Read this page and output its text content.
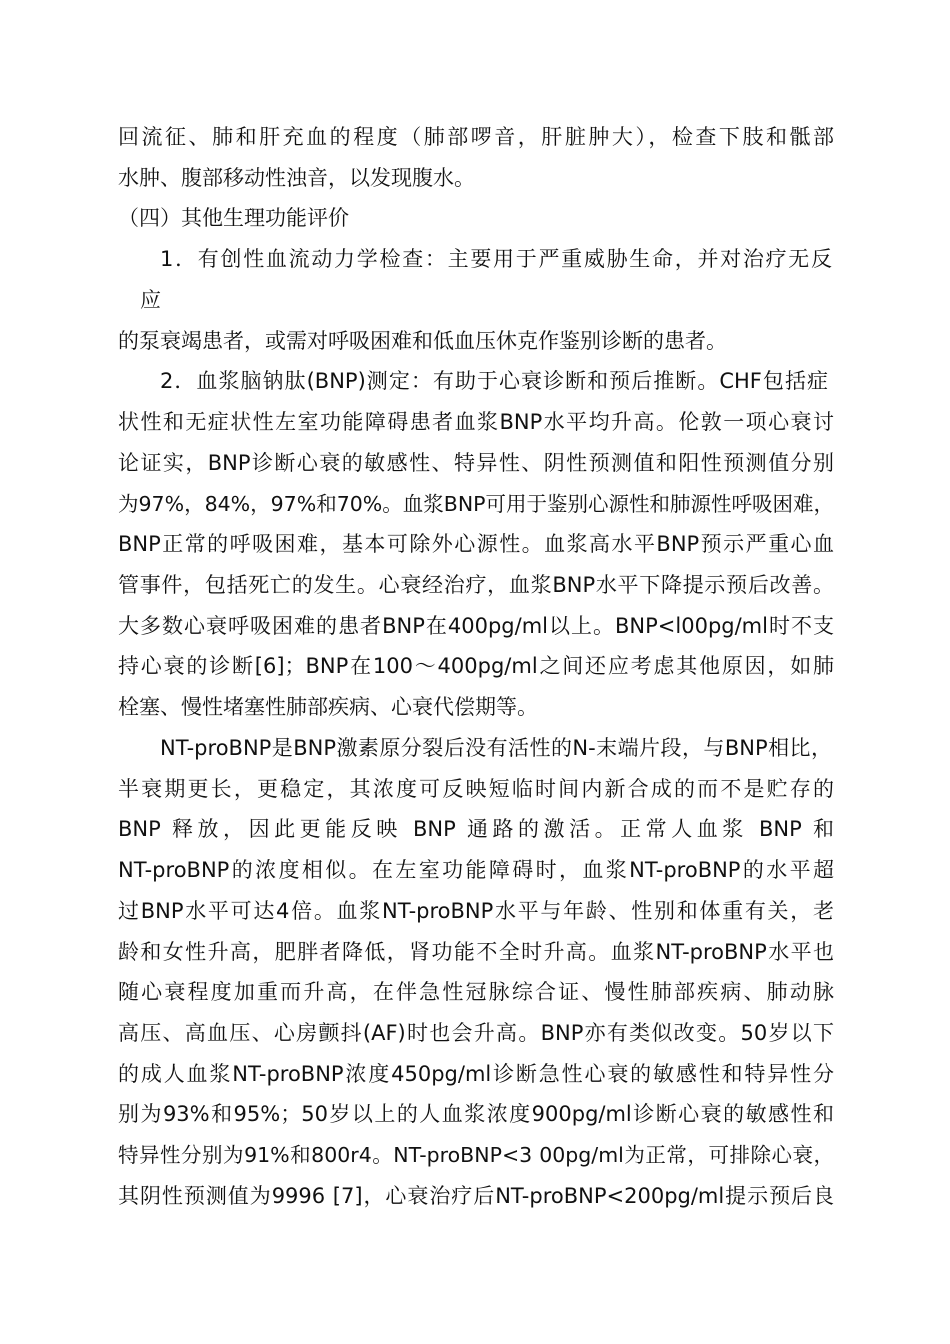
回流征、肺和肝充血的程度（肺部啰音，肝脏肿大），检查下肢和骶部
水肿、腹部移动性浊音，以发现腹水。
（四）其他生理功能评价
1．有创性血流动力学检查：主要用于严重威胁生命，并对治疗无反
应
的泵衰竭患者，或需对呼吸困难和低血压休克作鉴别诊断的患者。
2．血浆脑钠肽(BNP)测定：有助于心衰诊断和预后推断。CHF包括症
状性和无症状性左室功能障碍患者血浆BNP水平均升高。伦敦一项心衰讨
论证实，BNP诊断心衰的敏感性、特异性、阴性预测值和阳性预测值分别
为97%，84%，97%和70%。血浆BNP可用于鉴别心源性和肺源性呼吸困难，
BNP正常的呼吸困难，基本可除外心源性。血浆高水平BNP预示严重心血
管事件，包括死亡的发生。心衰经治疗，血浆BNP水平下降提示预后改善。
大多数心衰呼吸困难的患者BNP在400pg/ml以上。BNP<l00pg/ml时不支
持心衰的诊断[6]；BNP在100～400pg/ml之间还应考虑其他原因，如肺
栓塞、慢性堵塞性肺部疾病、心衰代偿期等。
NT-proBNP是BNP激素原分裂后没有活性的N-末端片段，与BNP相比，
半衰期更长，更稳定，其浓度可反映短临时间内新合成的而不是贮存的
BNP 释放，因此更能反映 BNP 通路的激活。正常人血浆 BNP 和
NT-proBNP的浓度相似。在左室功能障碍时，血浆NT-proBNP的水平超
过BNP水平可达4倍。血浆NT-proBNP水平与年龄、性别和体重有关，老
龄和女性升高，肥胖者降低，肾功能不全时升高。血浆NT-proBNP水平也
随心衰程度加重而升高，在伴急性冠脉综合证、慢性肺部疾病、肺动脉
高压、高血压、心房颤抖(AF)时也会升高。BNP亦有类似改变。50岁以下
的成人血浆NT-proBNP浓度450pg/ml诊断急性心衰的敏感性和特异性分
别为93%和95%；50岁以上的人血浆浓度900pg/ml诊断心衰的敏感性和
特异性分别为91%和800r4。NT-proBNP<3 00pg/ml为正常，可排除心衰，
其阴性预测值为9996 [7]，心衰治疗后NT-proBNP<200pg/ml提示预后良
